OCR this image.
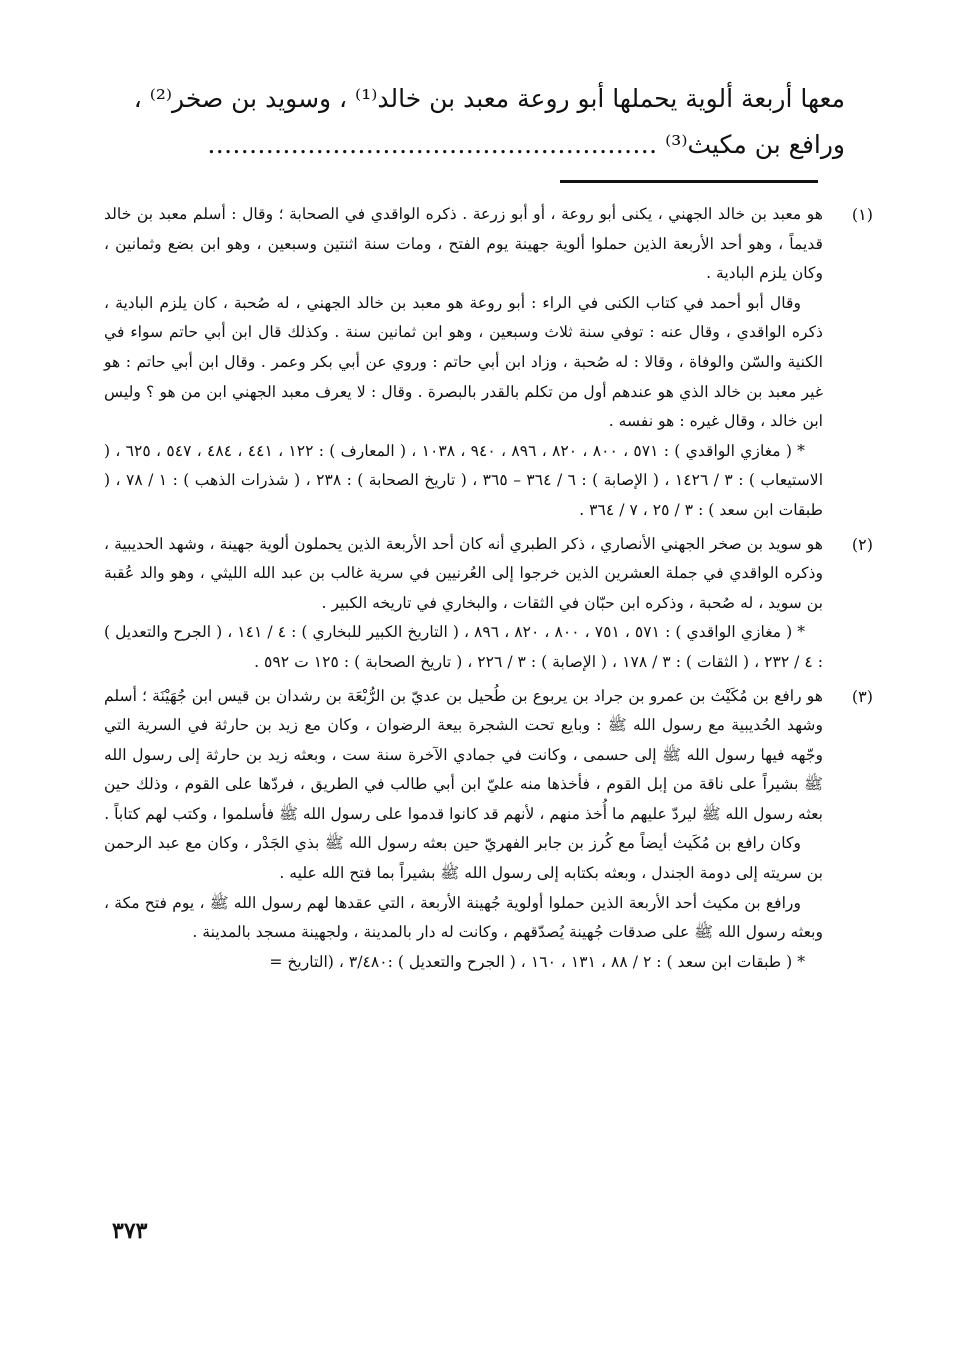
معها أربعة ألوية يحملها أبو روعة معبد بن خالد⁽¹⁾ ، وسويد بن صخر⁽²⁾ ،

ورافع بن مكيث⁽³⁾ ………………………………………………

(١)

هو معبد بن خالد الجهني ، يكنى أبو روعة ، أو أبو زرعة . ذكره الواقدي في الصحابة ؛ وقال : أسلم معبد بن خالد قديماً ، وهو أحد الأربعة الذين حملوا ألوية جهينة يوم الفتح ، ومات سنة اثنتين وسبعين ، وهو ابن بضع وثمانين ، وكان يلزم البادية .

وقال أبو أحمد في كتاب الكنى في الراء : أبو روعة هو معبد بن خالد الجهني ، له صُحبة ، كان يلزم البادية ، ذكره الواقدي ، وقال عنه : توفي سنة ثلاث وسبعين ، وهو ابن ثمانين سنة . وكذلك قال ابن أبي حاتم سواء في الكنية والسّن والوفاة ، وقالا : له صُحبة ، وزاد ابن أبي حاتم : وروي عن أبي بكر وعمر . وقال ابن أبي حاتم : هو غير معبد بن خالد الذي هو عندهم أول من تكلم بالقدر بالبصرة . وقال : لا يعرف معبد الجهني ابن من هو ؟ وليس ابن خالد ، وقال غيره : هو نفسه .

* ( مغازي الواقدي ) : ٥٧١ ، ٨٠٠ ، ٨٢٠ ، ٨٩٦ ، ٩٤٠ ، ١٠٣٨ ، ( المعارف ) : ١٢٢ ، ٤٤١ ، ٤٨٤ ، ٥٤٧ ، ٦٢٥ ، ( الاستيعاب ) : ٣ / ١٤٢٦ ، ( الإصابة ) : ٦ / ٣٦٤ – ٣٦٥ ، ( تاريخ الصحابة ) : ٢٣٨ ، ( شذرات الذهب ) : ١ / ٧٨ ، ( طبقات ابن سعد ) : ٣ / ٢٥ ، ٧ / ٣٦٤ .

(٢)

هو سويد بن صخر الجهني الأنصاري ، ذكر الطبري أنه كان أحد الأربعة الذين يحملون ألوية جهينة ، وشهد الحديبية ، وذكره الواقدي في جملة العشرين الذين خرجوا إلى العُرنيين في سرية غالب بن عبد الله الليثي ، وهو والد عُقبة بن سويد ، له صُحبة ، وذكره ابن حبّان في الثقات ، والبخاري في تاريخه الكبير .

* ( مغازي الواقدي ) : ٥٧١ ، ٧٥١ ، ٨٠٠ ، ٨٢٠ ، ٨٩٦ ، ( التاريخ الكبير للبخاري ) : ٤ / ١٤١ ، ( الجرح والتعديل ) : ٤ / ٢٣٢ ، ( الثقات ) : ٣ / ١٧٨ ، ( الإصابة ) : ٣ / ٢٢٦ ، ( تاريخ الصحابة ) : ١٢٥ ت ٥٩٢ .

(٣)

هو رافع بن مُكَيْث بن عمرو بن جراد بن يربوع بن طُحيل بن عديّ بن الرُّبْعَة بن رشدان بن قيس ابن جُهَيْنَة ؛ أسلم وشهد الحُديبية مع رسول الله ﷺ : وبايع تحت الشجرة بيعة الرضوان ، وكان مع زيد بن حارثة في السرية التي وجّهه فيها رسول الله ﷺ إلى حسمى ، وكانت في جمادي الآخرة سنة ست ، وبعثه زيد بن حارثة إلى رسول الله ﷺ بشيراً على ناقة من إبل القوم ، فأخذها منه عليّ ابن أبي طالب في الطريق ، فردّها على القوم ، وذلك حين بعثه رسول الله ﷺ ليردّ عليهم ما أُخذ منهم ، لأنهم قد كانوا قدموا على رسول الله ﷺ فأسلموا ، وكتب لهم كتاباً .

وكان رافع بن مُكَيث أيضاً مع كُرز بن جابر الفهريّ حين بعثه رسول الله ﷺ بذي الجَدْر ، وكان مع عبد الرحمن بن سريته إلى دومة الجندل ، وبعثه بكتابه إلى رسول الله ﷺ بشيراً بما فتح الله عليه .

ورافع بن مكيث أحد الأربعة الذين حملوا أولوية جُهينة الأربعة ، التي عقدها لهم رسول الله ﷺ ، يوم فتح مكة ، وبعثه رسول الله ﷺ على صدقات جُهينة يُصدّقهم ، وكانت له دار بالمدينة ، ولجهينة مسجد بالمدينة .

* ( طبقات ابن سعد ) : ٢ / ٨٨ ، ١٣١ ، ١٦٠ ، ( الجرح والتعديل ) :٣/٤٨٠ ، (التاريخ =

٣٧٣
